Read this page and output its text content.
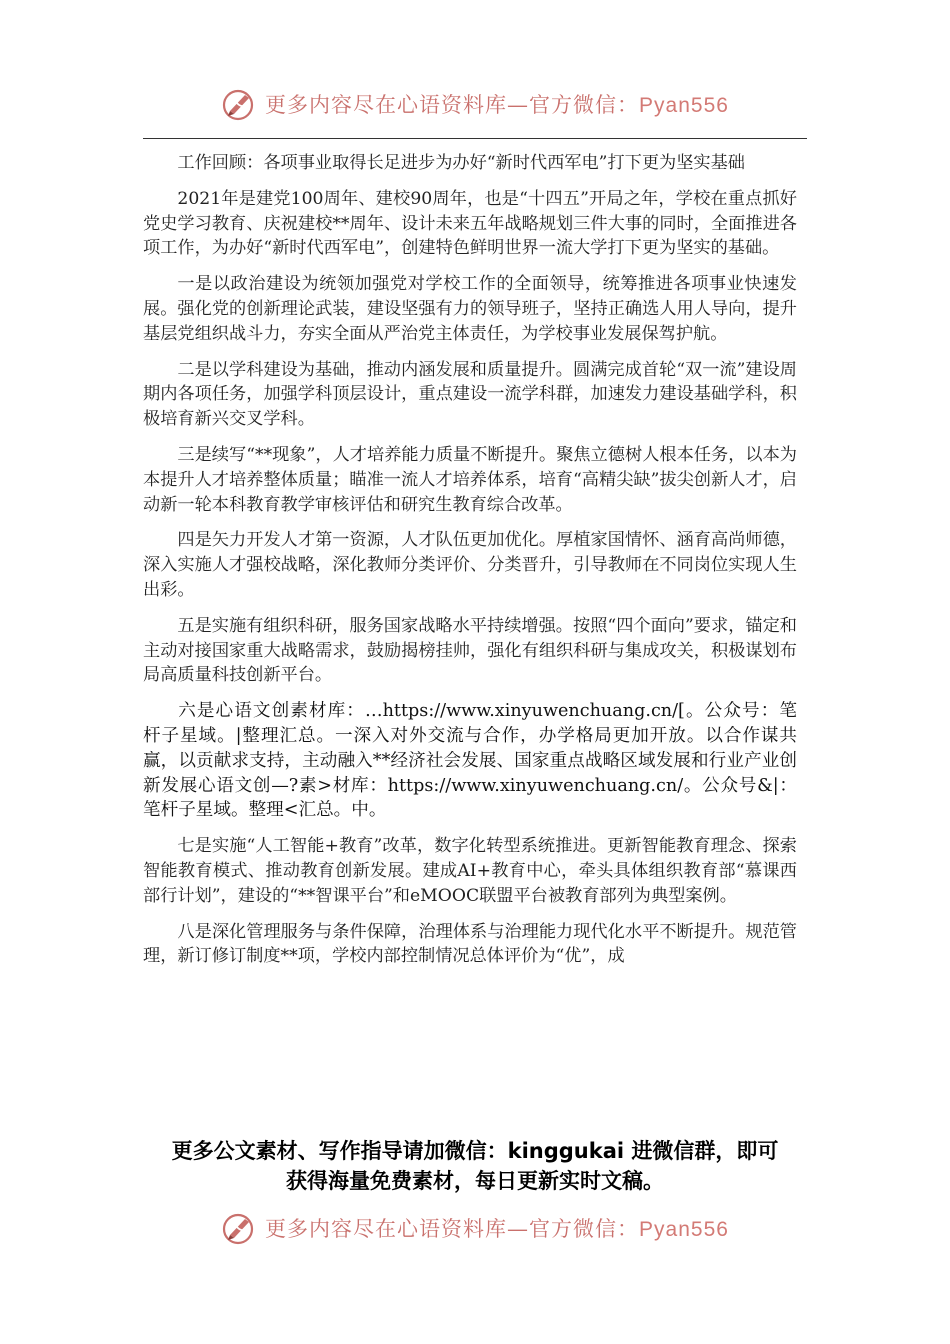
更多内容尽在心语资料库—官方微信：Pyan556

工作回顾：各项事业取得长足进步为办好“新时代西军电”打下更为坚实基础

2021年是建党100周年、建校90周年，也是“十四五”开局之年，学校在重点抓好党史学习教育、庆祝建校**周年、设计未来五年战略规划三件大事的同时，全面推进各项工作，为办好“新时代西军电”，创建特色鲜明世界一流大学打下更为坚实的基础。

一是以政治建设为统领加强党对学校工作的全面领导，统筹推进各项事业快速发展。强化党的创新理论武装，建设坚强有力的领导班子，坚持正确选人用人导向，提升基层党组织战斗力，夯实全面从严治党主体责任，为学校事业发展保驾护航。

二是以学科建设为基础，推动内涵发展和质量提升。圆满完成首轮“双一流”建设周期内各项任务，加强学科顶层设计，重点建设一流学科群，加速发力建设基础学科，积极培育新兴交叉学科。

三是续写“**现象”，人才培养能力质量不断提升。聚焦立德树人根本任务，以本为本提升人才培养整体质量；瞄准一流人才培养体系，培育“高精尖缺”拔尖创新人才，启动新一轮本科教育教学审核评估和研究生教育综合改革。

四是矢力开发人才第一资源，人才队伍更加优化。厚植家国情怀、涵育高尚师德，深入实施人才强校战略，深化教师分类评价、分类晋升，引导教师在不同岗位实现人生出彩。

五是实施有组织科研，服务国家战略水平持续增强。按照“四个面向”要求，锚定和主动对接国家重大战略需求，鼓励揭榜挂帅，强化有组织科研与集成攻关，积极谋划布局高质量科技创新平台。

六是心语文创素材库：…https://www.xinyuwenchuang.cn/[。公众号：笔杆子星域。|整理汇总。一深入对外交流与合作，办学格局更加开放。以合作谋共赢，以贡献求支持，主动融入**经济社会发展、国家重点战略区域发展和行业产业创新发展心语文创—?素>材库：https://www.xinyuwenchuang.cn/。公众号&|：笔杆子星域。整理<汇总。中。

七是实施“人工智能+教育”改革，数字化转型系统推进。更新智能教育理念、探索智能教育模式、推动教育创新发展。建成AI+教育中心，牵头具体组织教育部“慕课西部行计划”，建设的“**智课平台”和eMOOC联盟平台被教育部列为典型案例。

八是深化管理服务与条件保障，治理体系与治理能力现代化水平不断提升。规范管理，新订修订制度**项，学校内部控制情况总体评价为“优”，成

更多公文素材、写作指导请加微信：kinggukai 进微信群，即可
获得海量免费素材，每日更新实时文稿。
更多内容尽在心语资料库—官方微信：Pyan556
